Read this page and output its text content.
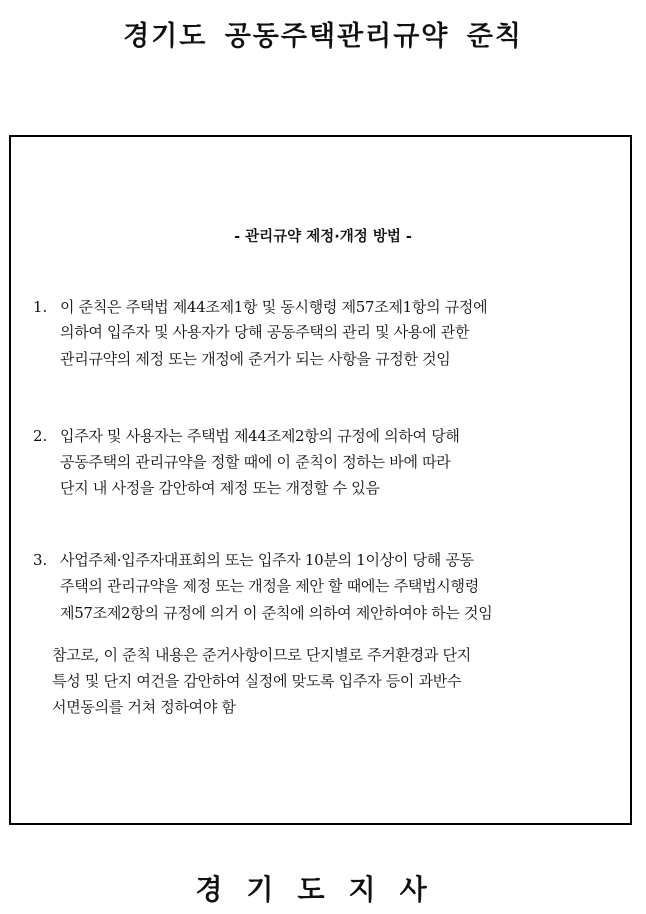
경기도 공동주택관리규약 준칙
- 관리규약 제정·개정 방법 -
1. 이 준칙은 주택법 제44조제1항 및 동시행령 제57조제1항의 규정에
의하여 입주자 및 사용자가 당해 공동주택의 관리 및 사용에 관한
관리규약의 제정 또는 개정에 준거가 되는 사항을 규정한 것임
2. 입주자 및 사용자는 주택법 제44조제2항의 규정에 의하여 당해
공동주택의 관리규약을 정할 때에 이 준칙이 정하는 바에 따라
단지 내 사정을 감안하여 제정 또는 개정할 수 있음
3. 사업주체·입주자대표회의 또는 입주자 10분의 1이상이 당해 공동
주택의 관리규약을 제정 또는 개정을 제안 할 때에는 주택법시행령
제57조제2항의 규정에 의거 이 준칙에 의하여 제안하여야 하는 것임
참고로, 이 준칙 내용은 준거사항이므로 단지별로 주거환경과 단지
특성 및 단지 여건을 감안하여 실정에 맞도록 입주자 등이 과반수
서면동의를 거쳐 정하여야 함
경기도지사
